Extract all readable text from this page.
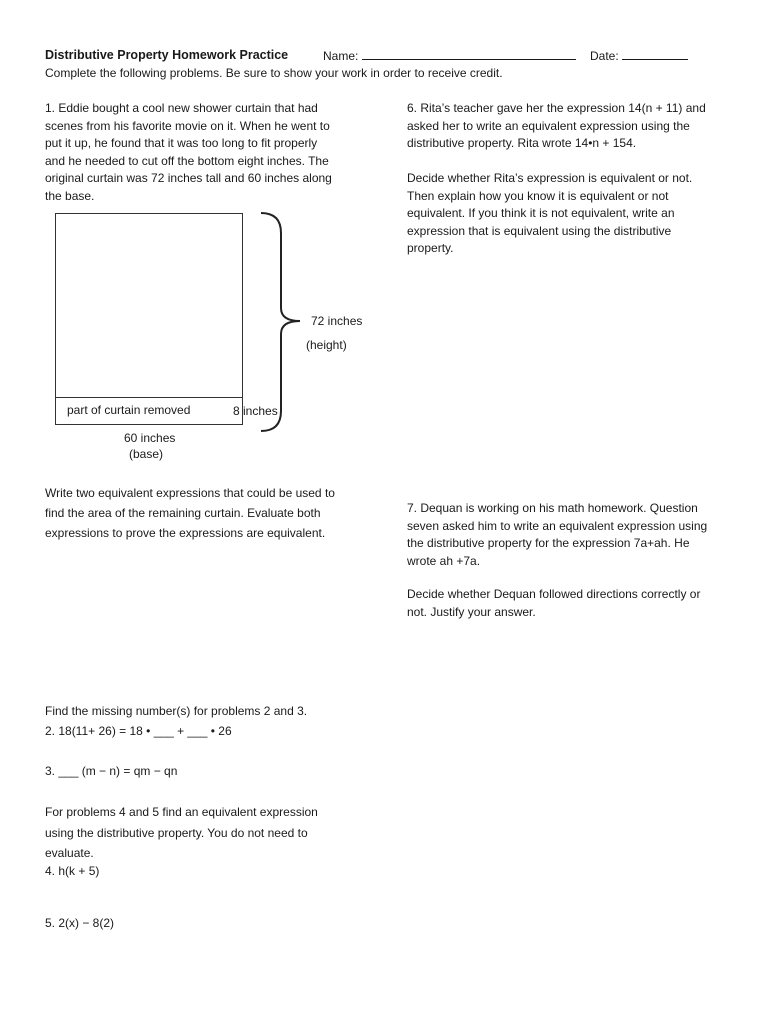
Distributive Property Homework Practice	Name:	Date:
Complete the following problems. Be sure to show your work in order to receive credit.
1. Eddie bought a cool new shower curtain that had
scenes from his favorite movie on it. When he went to
put it up, he found that it was too long to fit properly
and he needed to cut off the bottom eight inches. The
original curtain was 72 inches tall and 60 inches along
the base.
part of curtain removed	8 inches
72 inches
(height)
60 inches
(base)
Write two equivalent expressions that could be used to
find the area of the remaining curtain. Evaluate both
expressions to prove the expressions are equivalent.
Find the missing number(s) for problems 2 and 3.
2. 18(11+ 26) = 18 • ___ + ___ • 26
3. ___ (m − n) = qm − qn
For problems 4 and 5 find an equivalent expression
using the distributive property. You do not need to
evaluate.
4. h(k + 5)
5. 2(x) − 8(2)
6. Rita’s teacher gave her the expression 14(n + 11) and
asked her to write an equivalent expression using the
distributive property. Rita wrote 14•n + 154.
Decide whether Rita’s expression is equivalent or not.
Then explain how you know it is equivalent or not
equivalent. If you think it is not equivalent, write an
expression that is equivalent using the distributive
property.
7. Dequan is working on his math homework. Question
seven asked him to write an equivalent expression using
the distributive property for the expression 7a+ah. He
wrote ah +7a.
Decide whether Dequan followed directions correctly or
not. Justify your answer.
